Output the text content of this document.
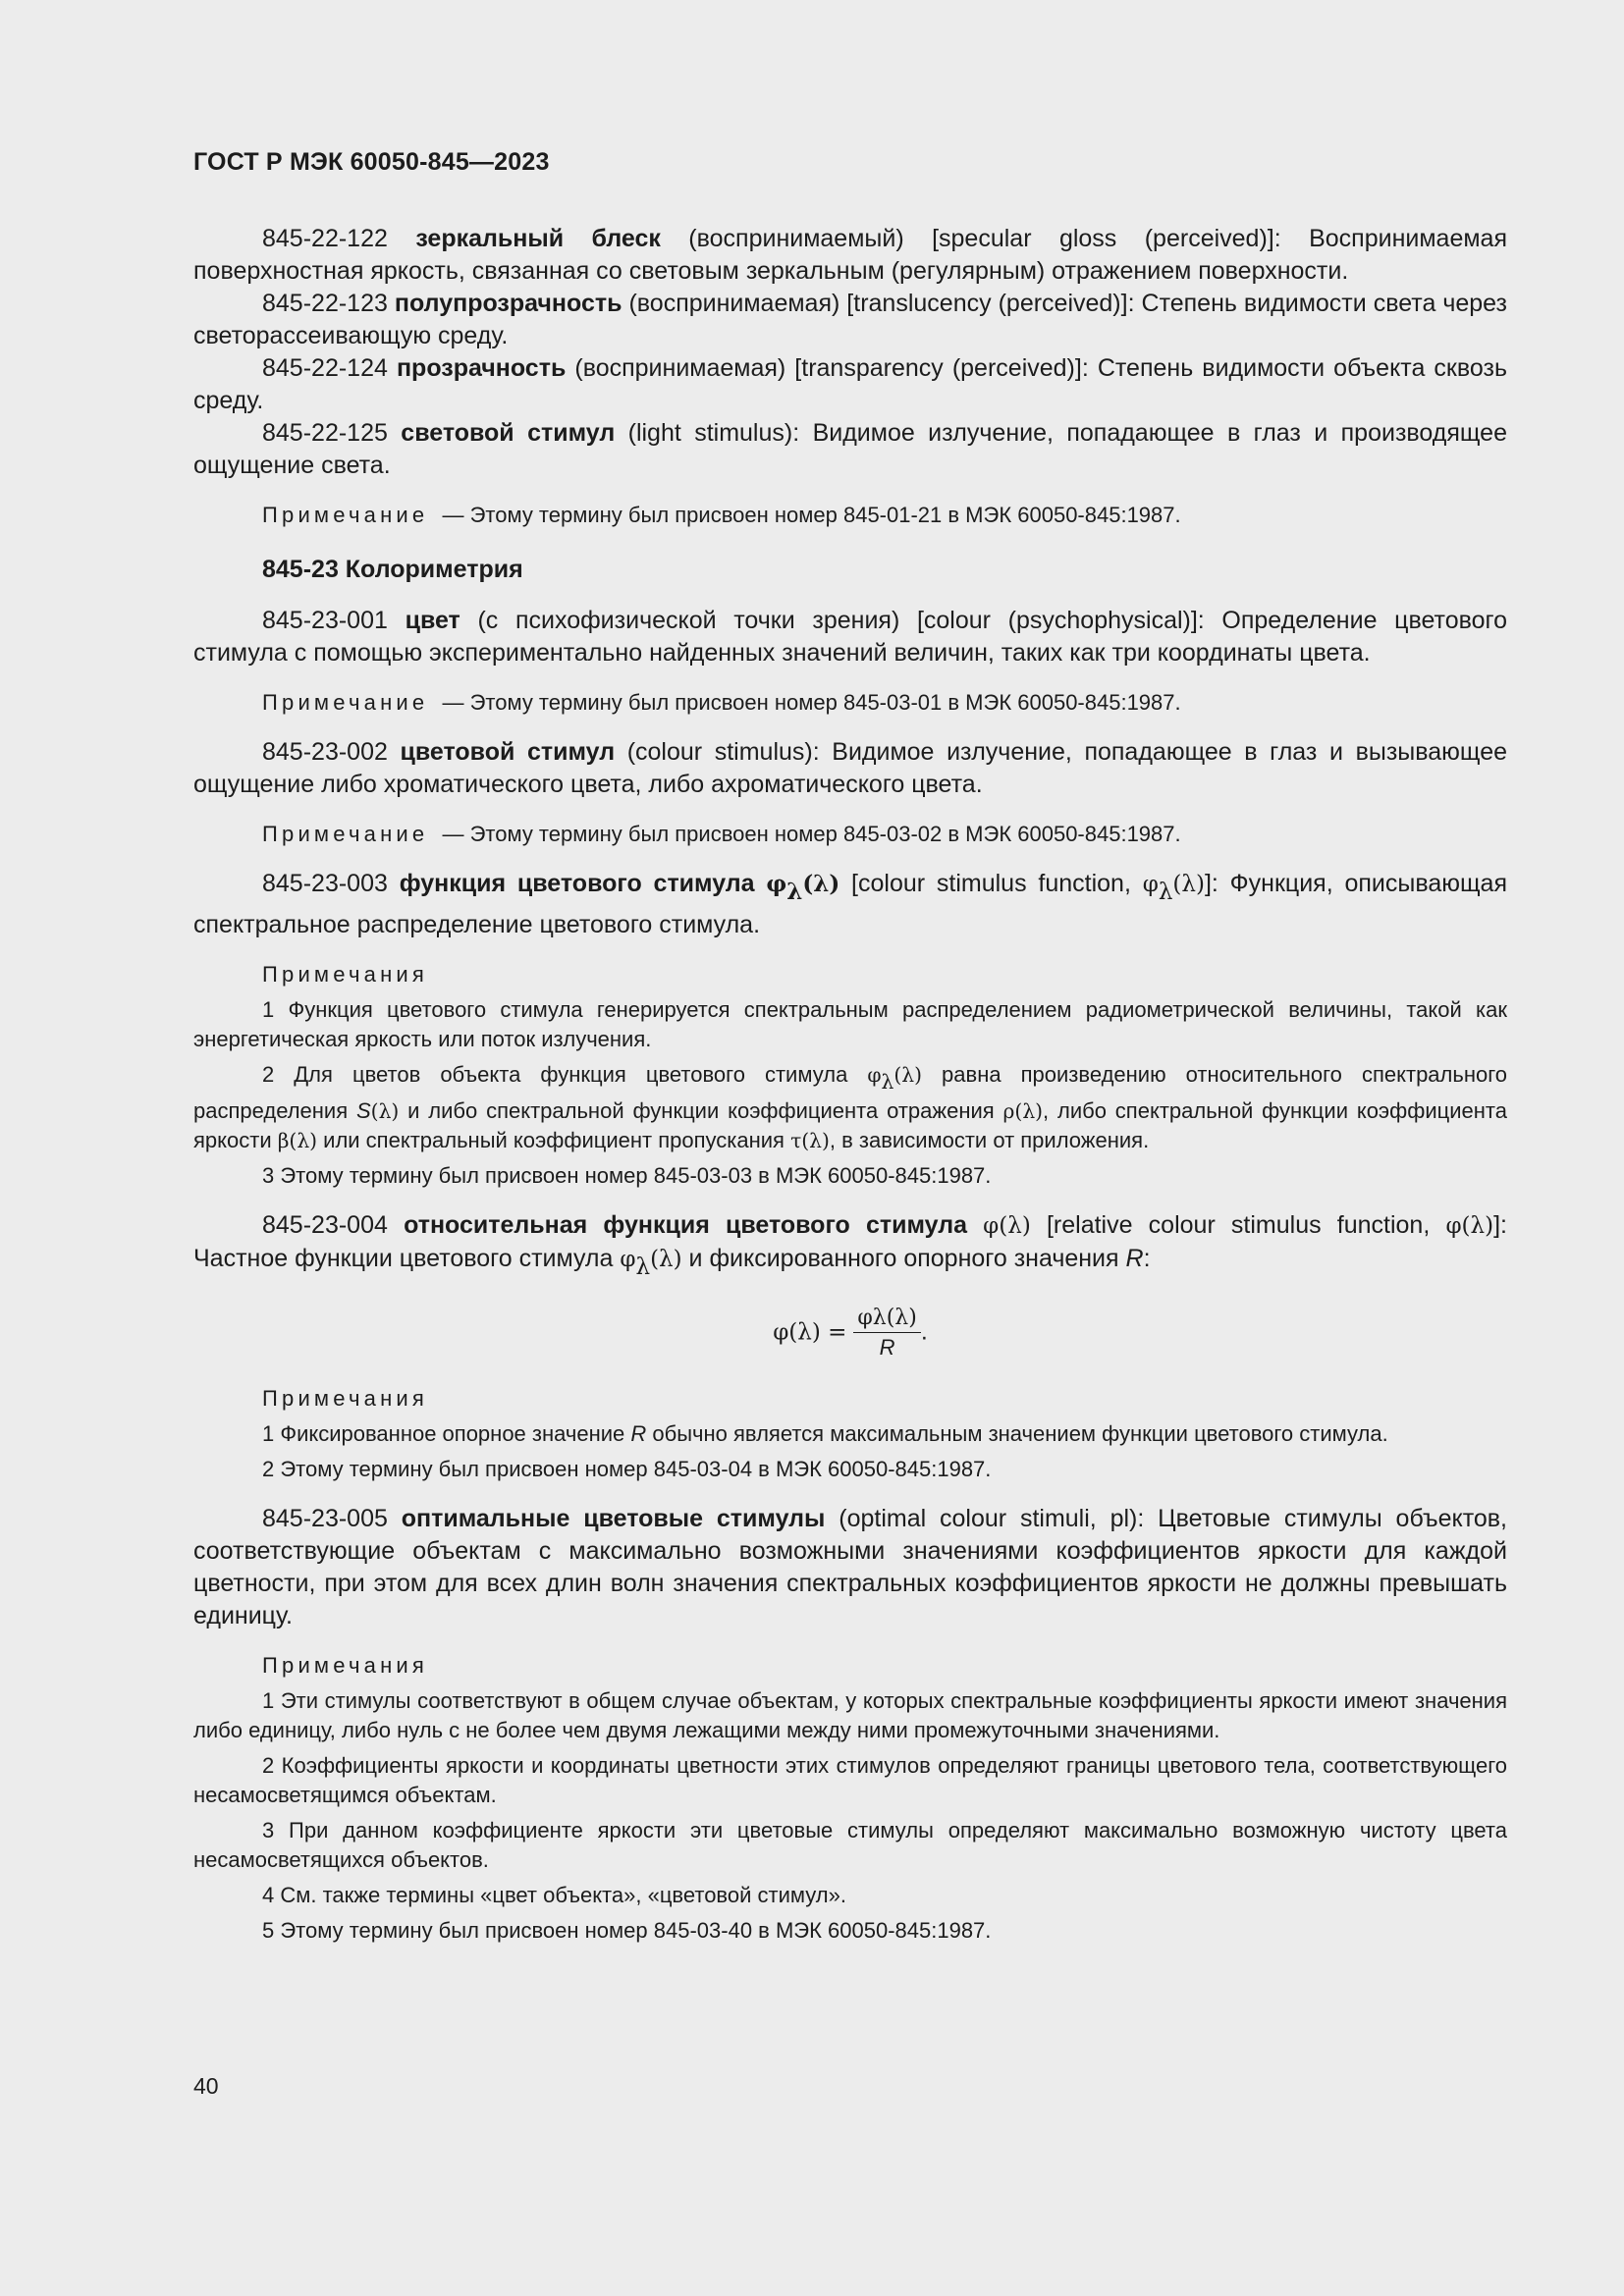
ГОСТ Р МЭК 60050-845—2023

845-22-122 зеркальный блеск (воспринимаемый) [specular gloss (perceived)]: Воспринимаемая поверхностная яркость, связанная со световым зеркальным (регулярным) отражением поверхности.

845-22-123 полупрозрачность (воспринимаемая) [translucency (perceived)]: Степень видимости света через светорассеивающую среду.

845-22-124 прозрачность (воспринимаемая) [transparency (perceived)]: Степень видимости объекта сквозь среду.

845-22-125 световой стимул (light stimulus): Видимое излучение, попадающее в глаз и производящее ощущение света.

Примечание — Этому термину был присвоен номер 845-01-21 в МЭК 60050-845:1987.

845-23 Колориметрия

845-23-001 цвет (с психофизической точки зрения) [colour (psychophysical)]: Определение цветового стимула с помощью экспериментально найденных значений величин, таких как три координаты цвета.

Примечание — Этому термину был присвоен номер 845-03-01 в МЭК 60050-845:1987.

845-23-002 цветовой стимул (colour stimulus): Видимое излучение, попадающее в глаз и вызывающее ощущение либо хроматического цвета, либо ахроматического цвета.

Примечание — Этому термину был присвоен номер 845-03-02 в МЭК 60050-845:1987.

845-23-003 функция цветового стимула φλ(λ) [colour stimulus function, φλ(λ)]: Функция, описывающая спектральное распределение цветового стимула.

Примечания

1 Функция цветового стимула генерируется спектральным распределением радиометрической величины, такой как энергетическая яркость или поток излучения.

2 Для цветов объекта функция цветового стимула φλ(λ) равна произведению относительного спектрального распределения S(λ) и либо спектральной функции коэффициента отражения ρ(λ), либо спектральной функции коэффициента яркости β(λ) или спектральный коэффициент пропускания τ(λ), в зависимости от приложения.

3 Этому термину был присвоен номер 845-03-03 в МЭК 60050-845:1987.

845-23-004 относительная функция цветового стимула φ(λ) [relative colour stimulus function, φ(λ)]: Частное функции цветового стимула φλ(λ) и фиксированного опорного значения R:

$\varphi(\lambda) = \frac{\varphi\lambda(\lambda)}{R}$ .

Примечания

1 Фиксированное опорное значение R обычно является максимальным значением функции цветового стимула.

2 Этому термину был присвоен номер 845-03-04 в МЭК 60050-845:1987.

845-23-005 оптимальные цветовые стимулы (optimal colour stimuli, pl): Цветовые стимулы объектов, соответствующие объектам с максимально возможными значениями коэффициентов яркости для каждой цветности, при этом для всех длин волн значения спектральных коэффициентов яркости не должны превышать единицу.

Примечания

1 Эти стимулы соответствуют в общем случае объектам, у которых спектральные коэффициенты яркости имеют значения либо единицу, либо нуль с не более чем двумя лежащими между ними промежуточными значениями.

2 Коэффициенты яркости и координаты цветности этих стимулов определяют границы цветового тела, соответствующего несамосветящимся объектам.

3 При данном коэффициенте яркости эти цветовые стимулы определяют максимально возможную чистоту цвета несамосветящихся объектов.

4 См. также термины «цвет объекта», «цветовой стимул».

5 Этому термину был присвоен номер 845-03-40 в МЭК 60050-845:1987.

40
